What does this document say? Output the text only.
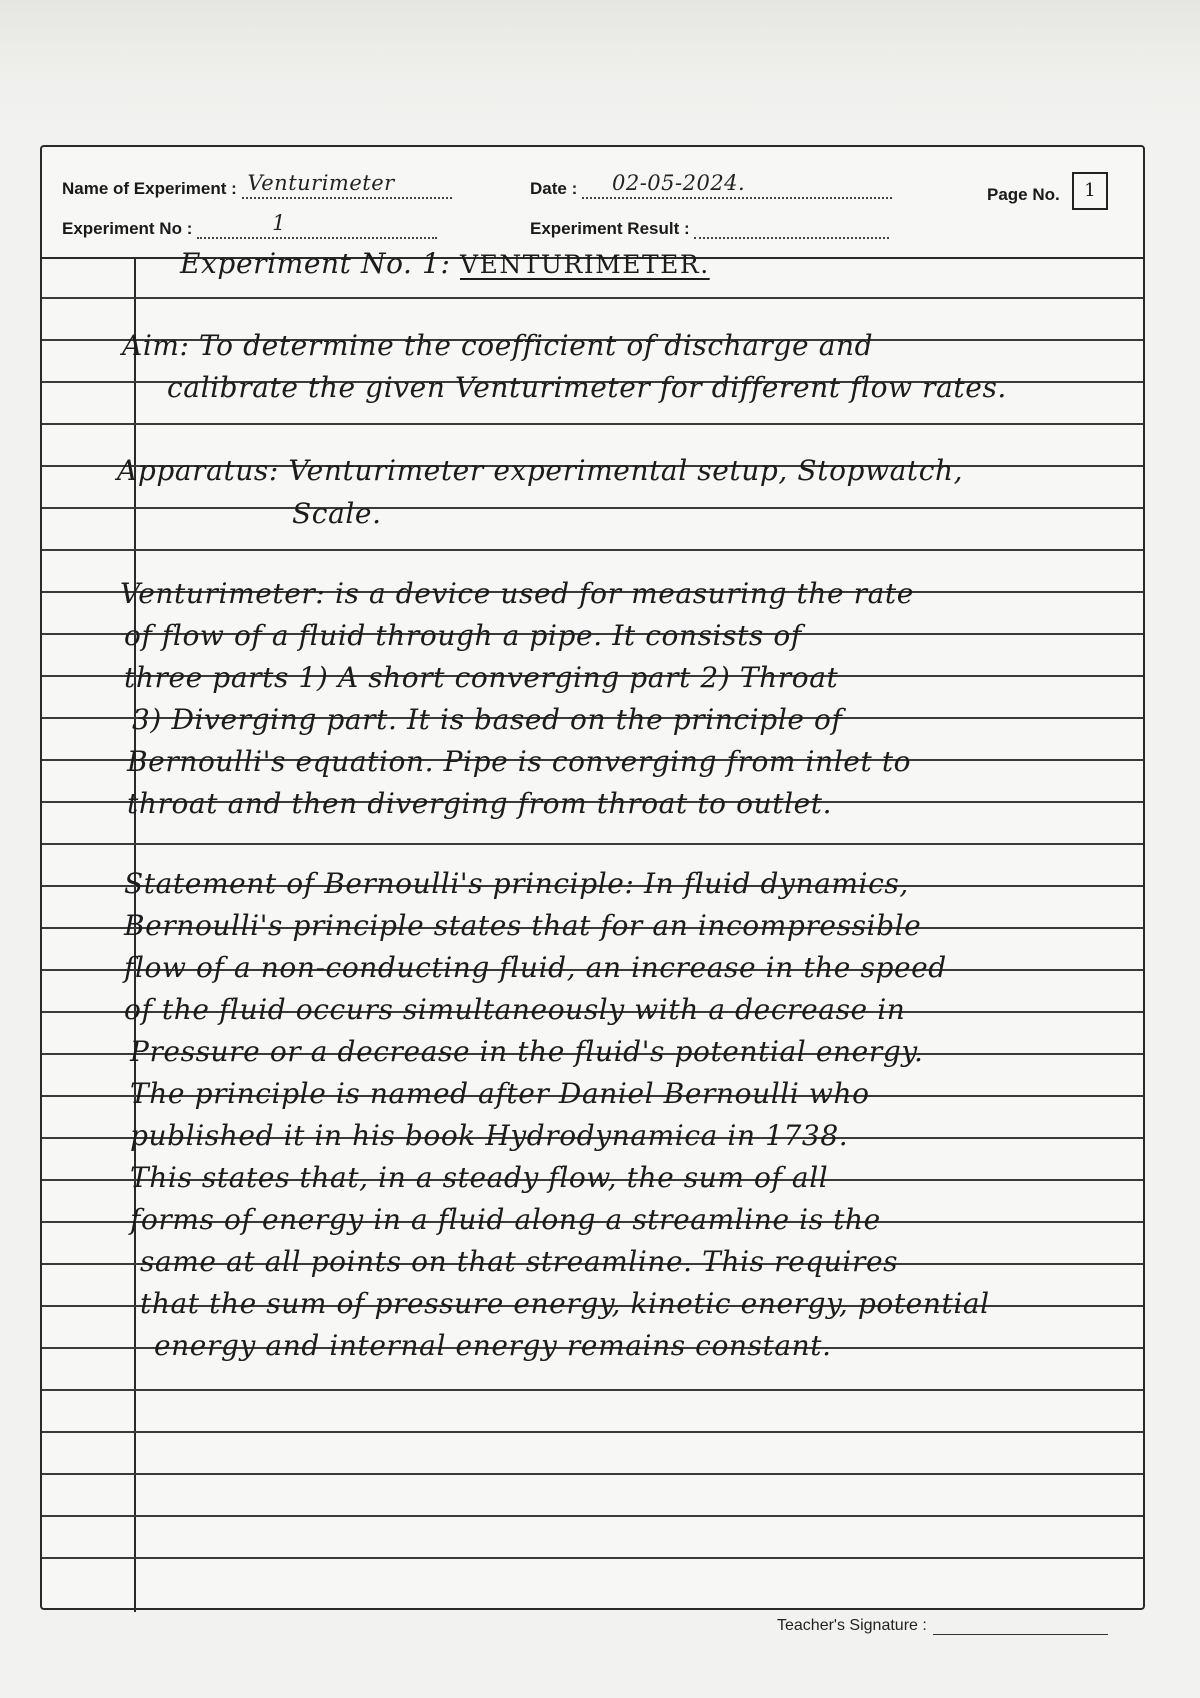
Name of Experiment : Venturimeter	Date : 02-05-2024.	Page No.	1
Experiment No :	1	Experiment Result :
Experiment No. 1: VENTURIMETER.
Aim: To determine the coefficient of discharge and
calibrate the given Venturimeter for different flow rates.
Apparatus: Venturimeter experimental setup, Stopwatch,
Scale.
Venturimeter: is a device used for measuring the rate
of flow of a fluid through a pipe. It consists of
three parts 1) A short converging part 2) Throat
3) Diverging part. It is based on the principle of
Bernoulli's equation. Pipe is converging from inlet to
throat and then diverging from throat to outlet.
Statement of Bernoulli's principle: In fluid dynamics,
Bernoulli's principle states that for an incompressible
flow of a non-conducting fluid, an increase in the speed
of the fluid occurs simultaneously with a decrease in
Pressure or a decrease in the fluid's potential energy.
The principle is named after Daniel Bernoulli who
published it in his book Hydrodynamica in 1738.
This states that, in a steady flow, the sum of all
forms of energy in a fluid along a streamline is the
same at all points on that streamline. This requires
that the sum of pressure energy, kinetic energy, potential
energy and internal energy remains constant.
Teacher's Signature :
